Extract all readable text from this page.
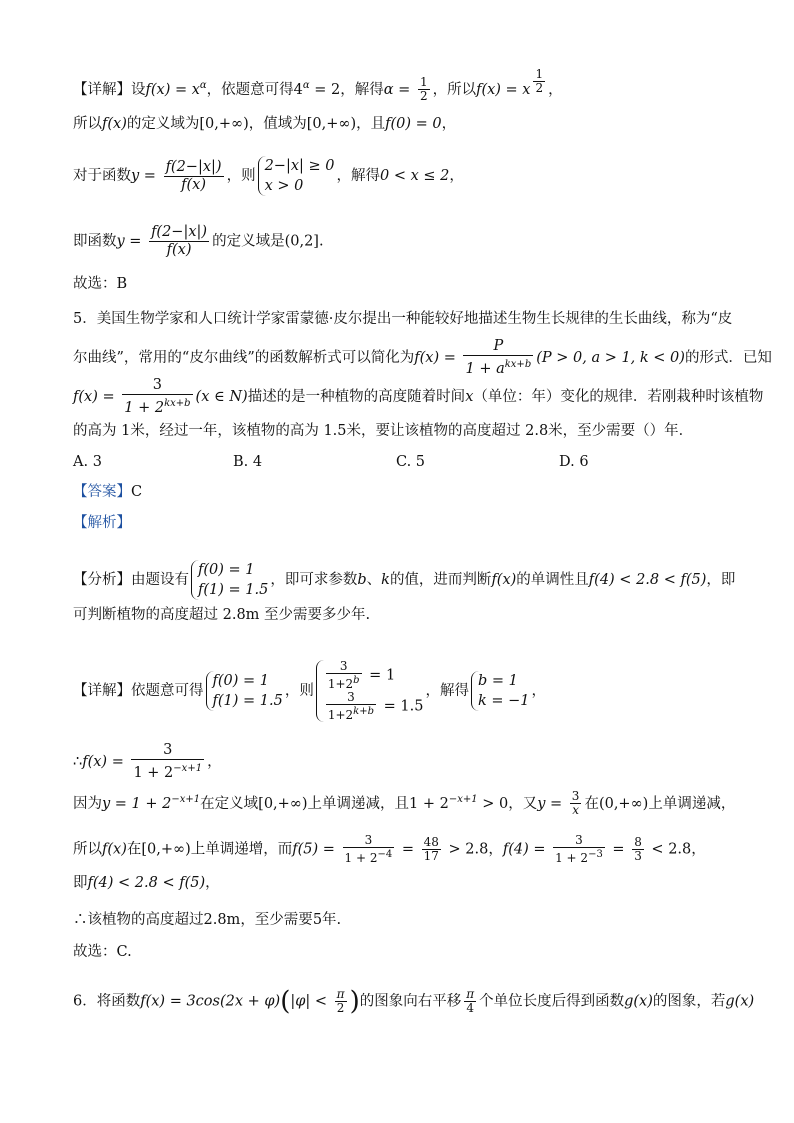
【详解】设$f(x) = x^\alpha$，依题意可得$4^\alpha = 2$，解得$\alpha = \frac{1}{2}$ ，所以f(x) = x $^{\frac{1}{2}}$ ，
所以f(x)的定义域为[0,+∞)，值域为[0,+∞)，且f(0) = 0，
对于函数$y = \frac{f(2-|x|)}{f(x)}$ ，则
2−|x| ≥ 0
x > 0
，解得0 < x ≤ 2，
即函数$y = \frac{f(2-|x|)}{f(x)}$ 的定义域是(0,2].
故选：B
5．美国生物学家和人口统计学家雷蒙德·皮尔提出一种能较好地描述生物生长规律的生长曲线，称为“皮
尔曲线”，常用的“皮尔曲线”的函数解析式可以简化为$f(x) = \frac{P}{1 + a^{kx+b}} (P > 0$, a > 1, k < 0)的形式．已知
$f(x) = \frac{3}{1 + 2^{kx+b}} (x$ ∈ N)描述的是一种植物的高度随着时间x（单位：年）变化的规律．若刚栽种时该植物
的高为 1米，经过一年，该植物的高为 1.5米，要让该植物的高度超过 2.8米，至少需要（）年．
A. 3	B. 4	C. 5	D. 6
【答案】C
【解析】
【分析】由题设有
f(0) = 1
f(1) = 1.5
，即可求参数b、k的值，进而判断f(x)的单调性且f(4) < 2.8 < f(5)，即
可判断植物的高度超过 2.8m 至少需要多少年.
【详解】依题意可得
f(0) = 1
f(1) = 1.5
，则 $\frac{3}{1+2^b} = 1$
$\frac{3}{1+2^{k+b}} = 1.5$
，解得
b = 1
k = −1
，
∴f(x) = $\frac{3}{1 + 2^{-x+1}}$ ，
因为$y = 1 + 2^{-x+1}$在定义域[0,+∞)上单调递减，且$1 + 2^{-x+1} > 0$，又$y = \frac{3}{x}$ 在(0,+∞)上单调递减，
所以f(x)在[0,+∞)上单调递增，而$f(5) = \frac{3}{1 + 2^{-4}} = \frac{48}{17} > 2.8$，$f(4) = \frac{3}{1 + 2^{-3}} = \frac{8}{3} < 2.8$，
即f(4) < 2.8 < f(5)，
∴该植物的高度超过2.8m，至少需要5年.
故选：C.
6．将函数$f(x) = 3\cos(2x + \varphi)(|\varphi| < \frac{\pi}{2}$ )的图象向右平移 $\frac{\pi}{4}$ 个单位长度后得到函数g(x)的图象，若g(x)
